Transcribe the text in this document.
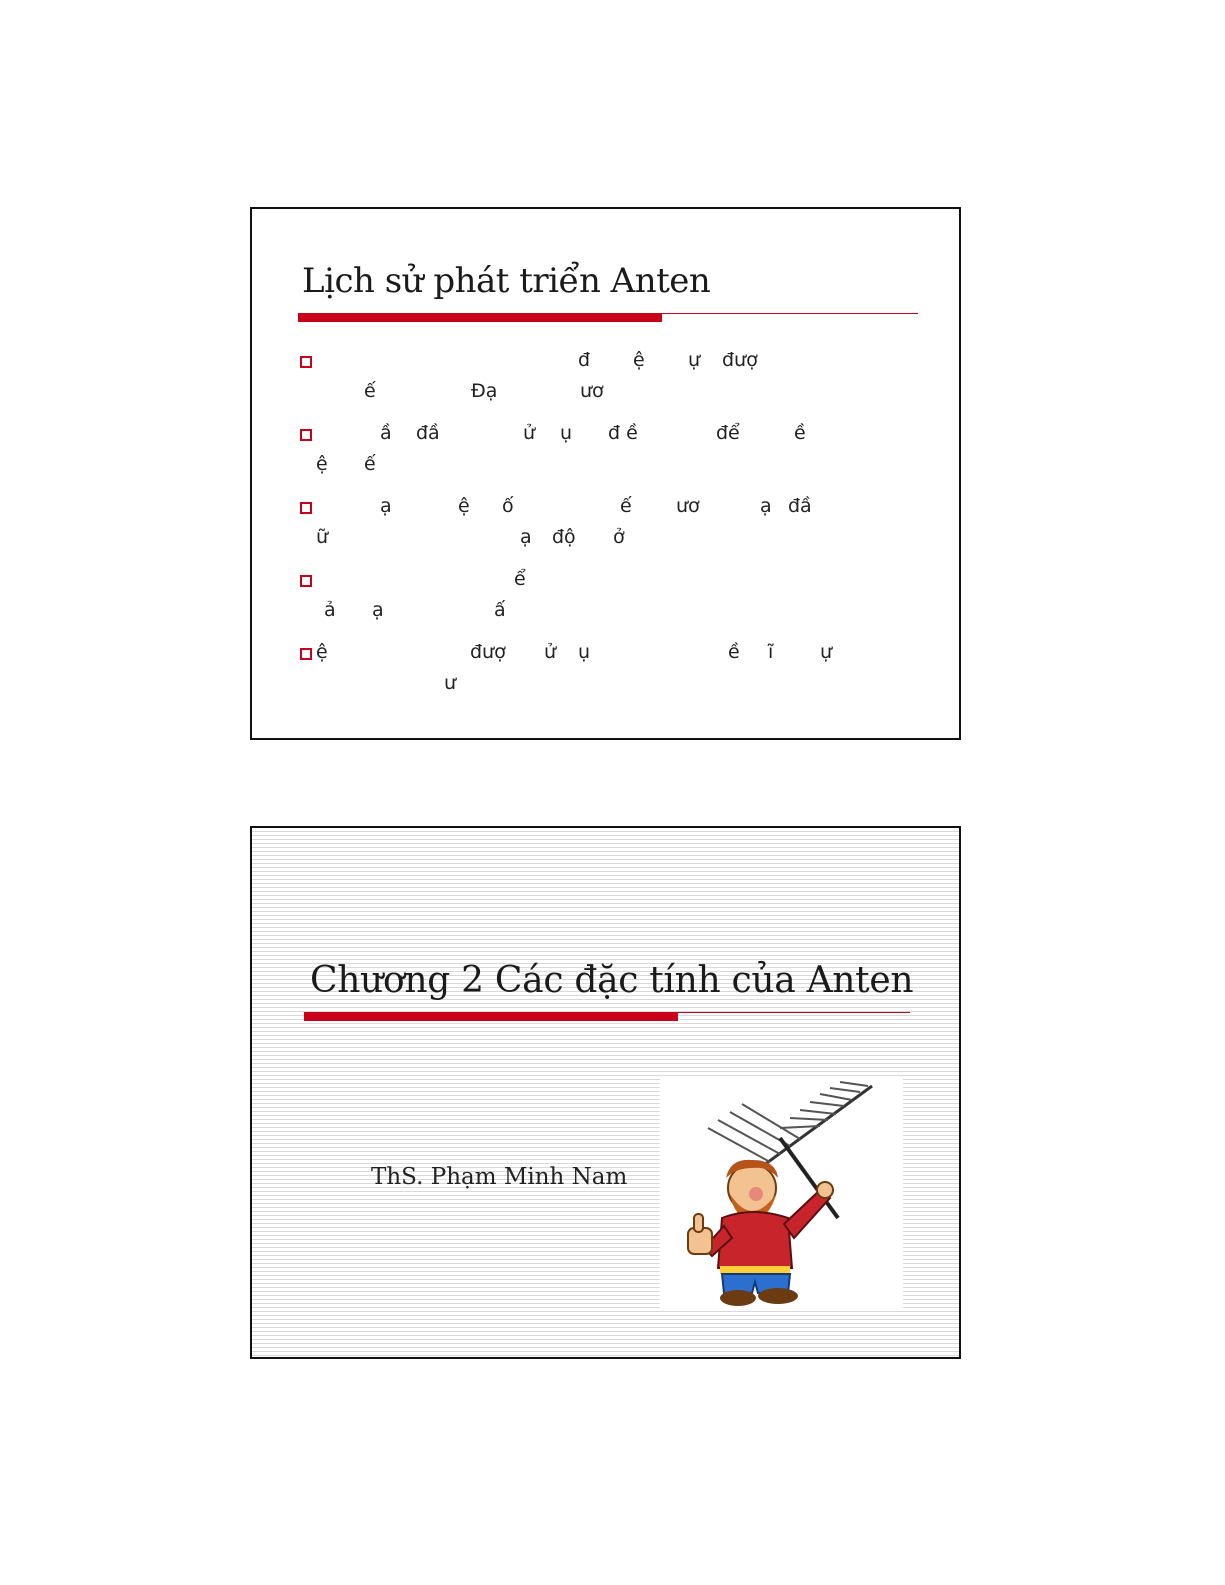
Lịch sử phát triển Anten
đ ệ ự đượ
ế	Đạ	ươ
ầ đầ	ử ụ đ ề	để	ề
ệ ế
ạ	ệ ố	ế ươ	ạ đầ
ữ	ạ độ ở
ể
ả ạ	ấ
ệ	đượ ử ụ	ề ĩ ự
ư
Chương 2 Các đặc tính của Anten
ThS. Phạm Minh Nam
